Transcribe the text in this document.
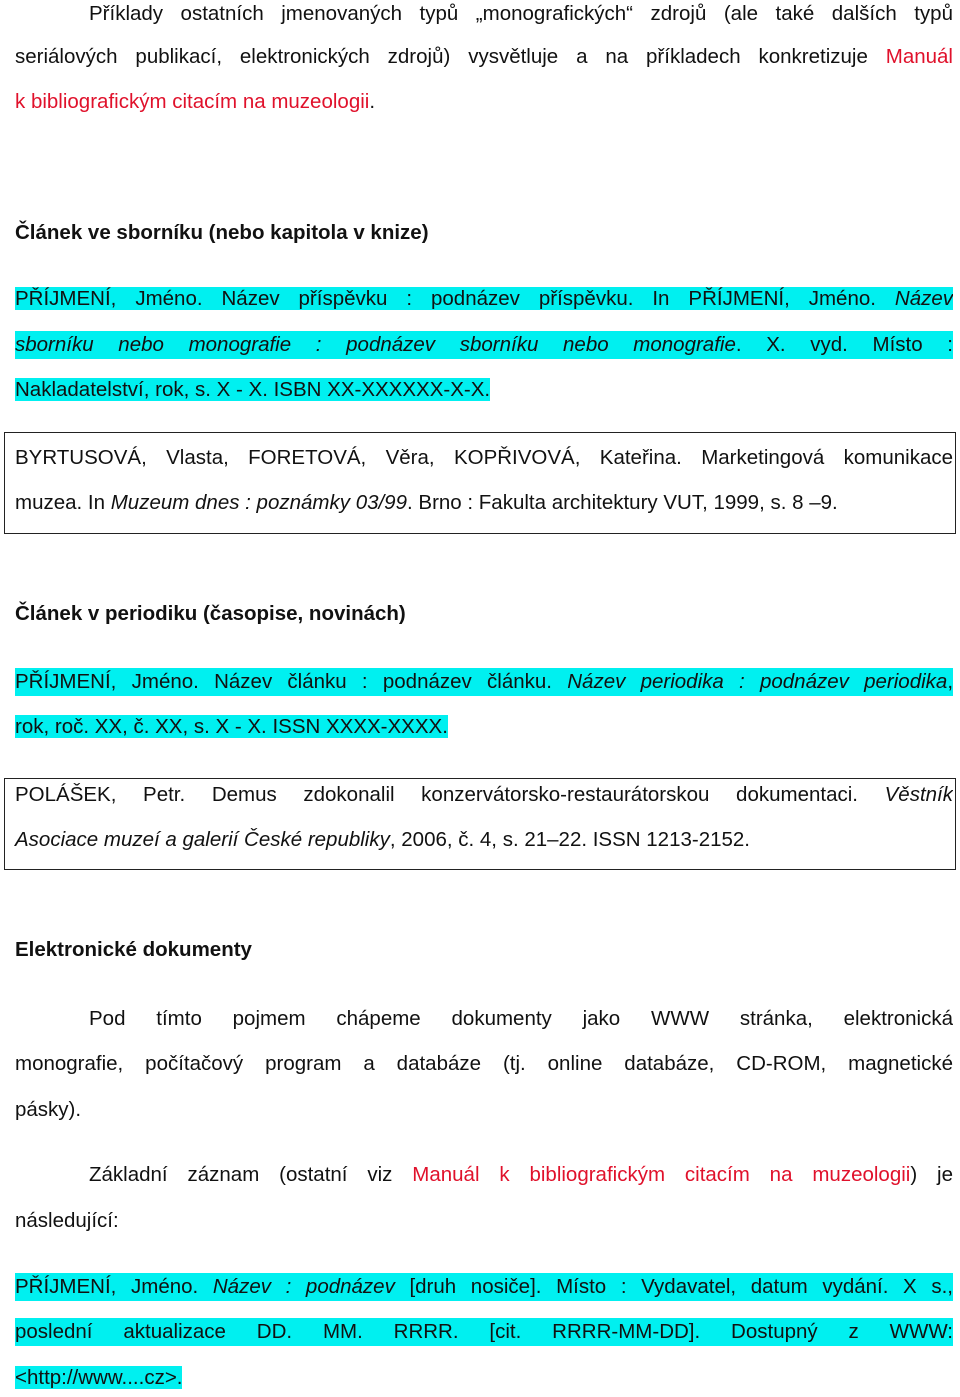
Příklady ostatních jmenovaných typů „monografických“ zdrojů (ale také dalších typů
seriálových publikací, elektronických zdrojů) vysvětluje a na příkladech konkretizuje Manuál
k bibliografickým citacím na muzeologii.
Článek ve sborníku (nebo kapitola v knize)
PŘÍJMENÍ, Jméno. Název příspěvku : podnázev příspěvku. In PŘÍJMENÍ, Jméno. Název
sborníku nebo monografie : podnázev sborníku nebo monografie. X. vyd. Místo :
Nakladatelství, rok, s. X - X. ISBN XX-XXXXXX-X-X.
BYRTUSOVÁ, Vlasta, FORETOVÁ, Věra, KOPŘIVOVÁ, Kateřina. Marketingová komunikace
muzea. In Muzeum dnes : poznámky 03/99. Brno : Fakulta architektury VUT, 1999, s. 8 –9.
Článek v periodiku (časopise, novinách)
PŘÍJMENÍ, Jméno. Název článku : podnázev článku. Název periodika : podnázev periodika,
rok, roč. XX, č. XX, s. X - X. ISSN XXXX-XXXX.
POLÁŠEK, Petr. Demus zdokonalil konzervátorsko-restaurátorskou dokumentaci. Věstník
Asociace muzeí a galerií České republiky, 2006, č. 4, s. 21–22. ISSN 1213-2152.
Elektronické dokumenty
Pod tímto pojmem chápeme dokumenty jako WWW stránka, elektronická
monografie, počítačový program a databáze (tj. online databáze, CD-ROM, magnetické
pásky).
Základní záznam (ostatní viz Manuál k bibliografickým citacím na muzeologii) je
následující:
PŘÍJMENÍ, Jméno. Název : podnázev [druh nosiče]. Místo : Vydavatel, datum vydání. X s.,
poslední aktualizace DD. MM. RRRR. [cit. RRRR-MM-DD]. Dostupný z WWW:
<http://www....cz>.
